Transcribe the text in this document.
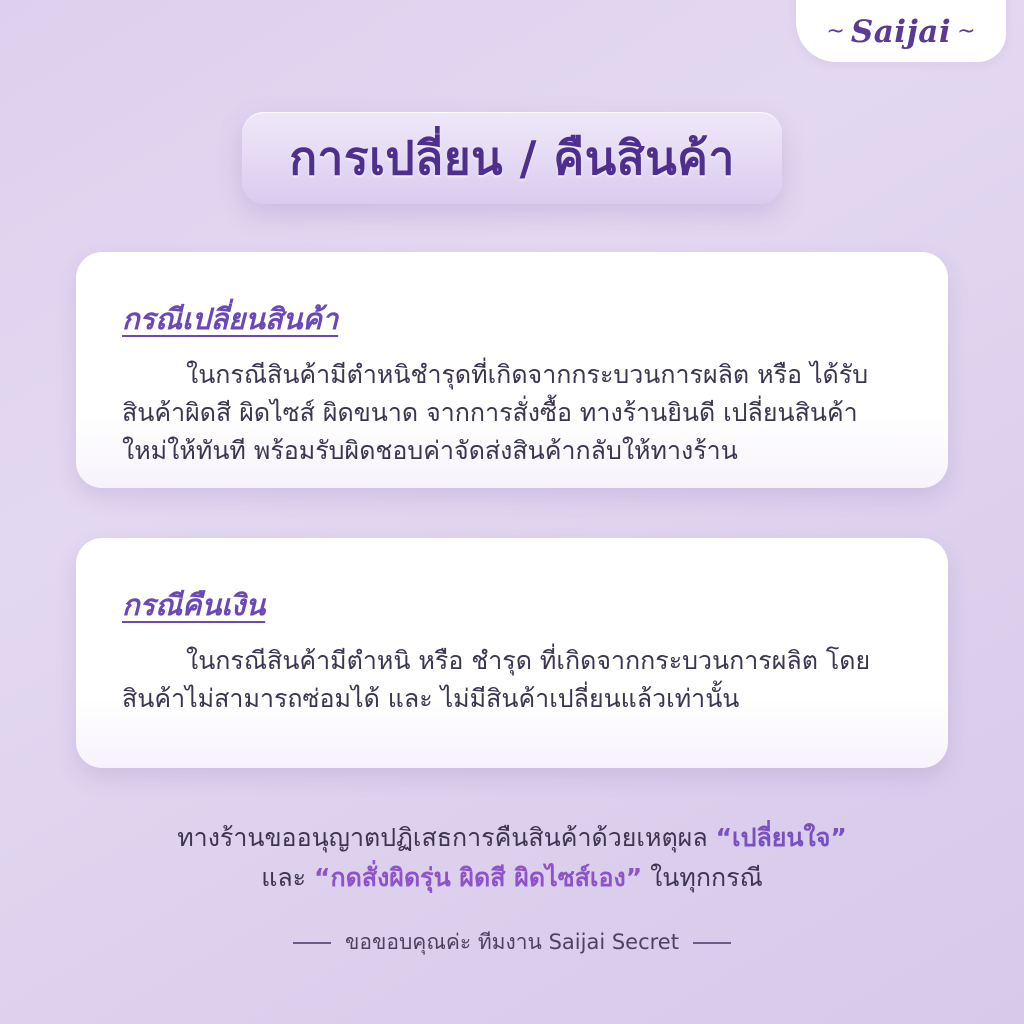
~ Saijai ~
การเปลี่ยน / คืนสินค้า
กรณีเปลี่ยนสินค้า
ในกรณีสินค้ามีตำหนิชำรุดที่เกิดจากกระบวนการผลิต หรือ ได้รับสินค้าผิดสี ผิดไซส์ ผิดขนาด จากการสั่งซื้อ ทางร้านยินดี เปลี่ยนสินค้าใหม่ให้ทันที พร้อมรับผิดชอบค่าจัดส่งสินค้ากลับให้ทางร้าน
กรณีคืนเงิน
ในกรณีสินค้ามีตำหนิ หรือ ชำรุด ที่เกิดจากกระบวนการผลิต โดยสินค้าไม่สามารถซ่อมได้ และ ไม่มีสินค้าเปลี่ยนแล้วเท่านั้น
ทางร้านขออนุญาตปฏิเสธการคืนสินค้าด้วยเหตุผล “เปลี่ยนใจ”
และ “กดสั่งผิดรุ่น ผิดสี ผิดไซส์เอง” ในทุกกรณี
ขอขอบคุณค่ะ ทีมงาน Saijai Secret
